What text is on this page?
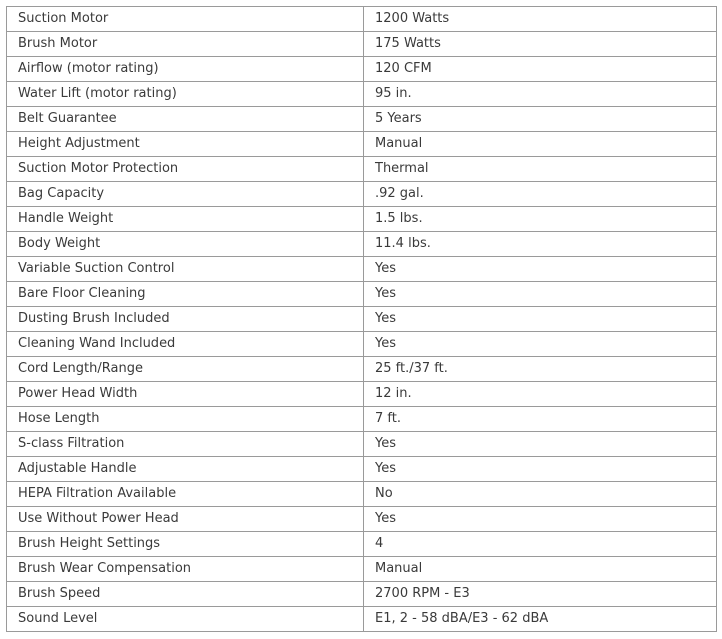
Suction Motor	1200 Watts
Brush Motor	175 Watts
Airflow (motor rating)	120 CFM
Water Lift (motor rating)	95 in.
Belt Guarantee	5 Years
Height Adjustment	Manual
Suction Motor Protection	Thermal
Bag Capacity	.92 gal.
Handle Weight	1.5 lbs.
Body Weight	11.4 lbs.
Variable Suction Control	Yes
Bare Floor Cleaning	Yes
Dusting Brush Included	Yes
Cleaning Wand Included	Yes
Cord Length/Range	25 ft./37 ft.
Power Head Width	12 in.
Hose Length	7 ft.
S-class Filtration	Yes
Adjustable Handle	Yes
HEPA Filtration Available	No
Use Without Power Head	Yes
Brush Height Settings	4
Brush Wear Compensation	Manual
Brush Speed	2700 RPM - E3
Sound Level	E1, 2 - 58 dBA/E3 - 62 dBA
